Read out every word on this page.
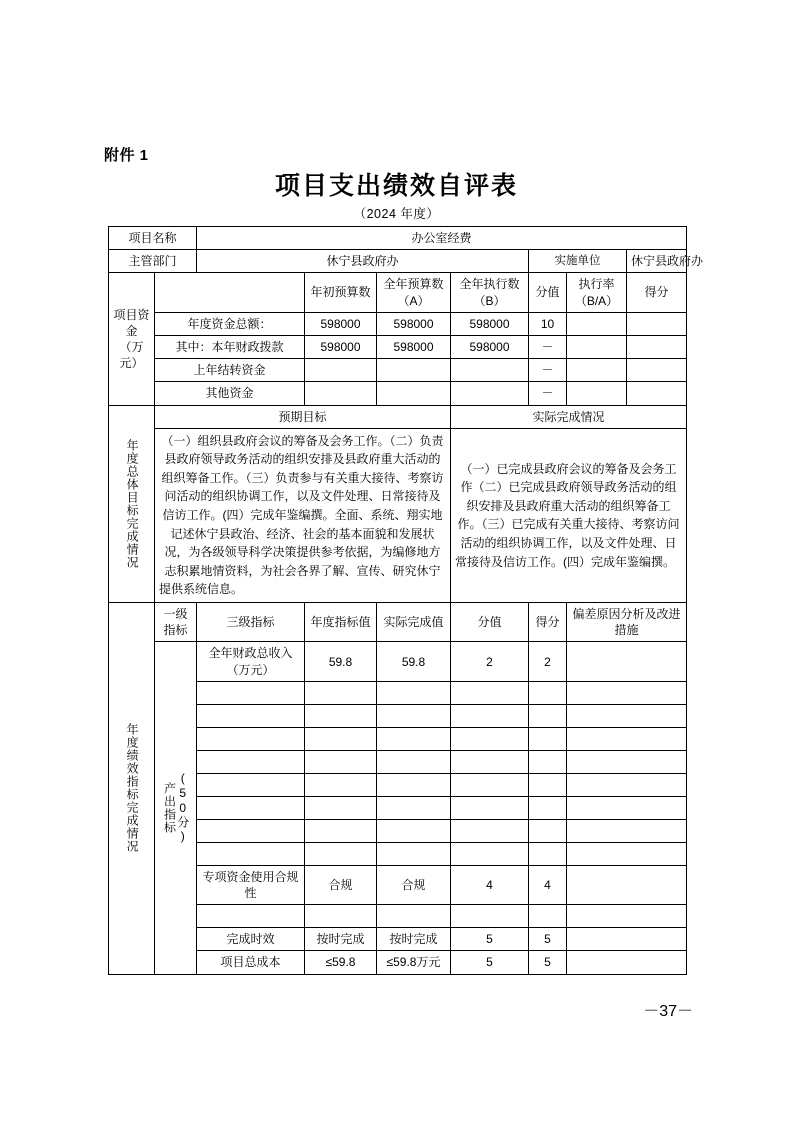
附件 1
项目支出绩效自评表
（2024 年度）
项目名称		办公室经费						
主管部门		休宁县政府办				实施单位		休宁县政府办

项目资金
（万元）			年初预算数	全年预算数（A）	全年执行数（B）	分值	执行率（B/A）	得分
	年度资金总额：		598000	598000	598000	10		
	其中：本年财政拨款		598000	598000	598000	－		
	上年结转资金					－		
	其他资金					－		

年度总体目标完成情况	预期目标				实际完成情况			
	（一）组织县政府会议的筹备及会务工作。（二）负责县政府领导政务活动的组织安排及县政府重大活动的组织筹备工作。（三）负责参与有关重大接待、考察访问活动的组织协调工作，以及文件处理、日常接待及信访工作。(四）完成年鉴编撰。全面、系统、翔实地记述休宁县政治、经济、社会的基本面貌和发展状况，为各级领导科学决策提供参考依据，为编修地方志积累地情资料，为社会各界了解、宣传、研究休宁提供系统信息。				（一）已完成县政府会议的筹备及会务工作（二）已完成县政府领导政务活动的组织安排及县政府重大活动的组织筹备工作。（三）已完成有关重大接待、考察访问活动的组织协调工作，以及文件处理、日常接待及信访工作。(四）完成年鉴编撰。			

年度绩效指标完成情况	一级指标	三级指标	年度指标值	实际完成值	分值	得分	偏差原因分析及改进措施	

	产出指标 (50分)	全年财政总收入（万元）	59.8	59.8	2	2		

		专项资金使用合规性	合规	合规	4	4		

		完成时效	按时完成	按时完成	5	5		
		项目总成本	≤59.8	≤59.8万元	5	5		
－37－
